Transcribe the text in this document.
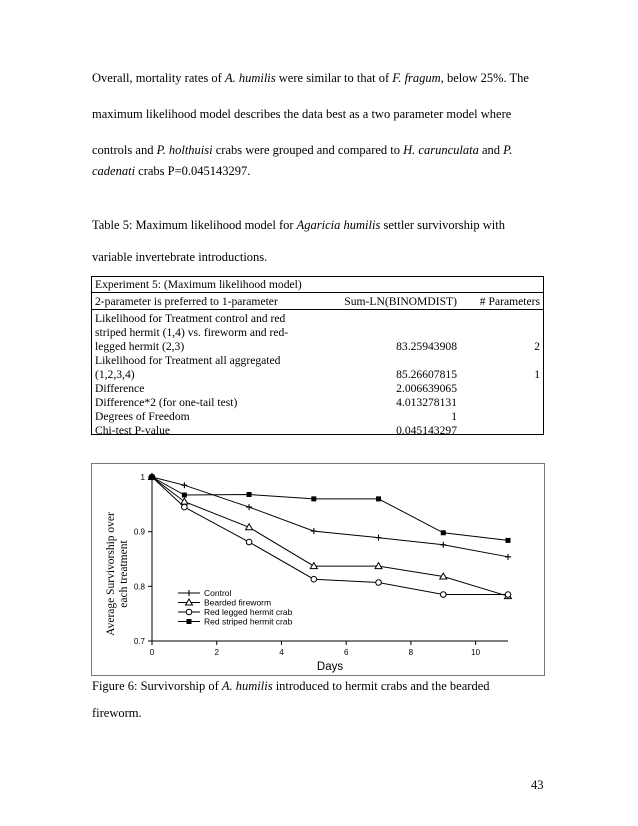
Overall, mortality rates of A. humilis were similar to that of F. fragum, below 25%. The
maximum likelihood model describes the data best as a two parameter model where
controls and P. holthuisi crabs were grouped and compared to H. carunculata and P.
cadenati crabs P=0.045143297.
Table 5: Maximum likelihood model for Agaricia humilis settler survivorship with
variable invertebrate introductions.
Experiment 5: (Maximum likelihood model)		
2-parameter is preferred to 1-parameter	Sum-LN(BINOMDIST)	# Parameters

Likelihood for Treatment control and red
striped hermit (1,4) vs. fireworm and red-
legged hermit (2,3)	83.25943908	2

Likelihood for Treatment all aggregated
(1,2,3,4)	85.26607815	1
Difference	2.006639065	
Difference*2 (for one-tail test)	4.013278131	
Degrees of Freedom	1	
Chi-test P-value	0.045143297	
0.7
0.8
0.9
1
0	2	4	6	8	10
Control
Bearded fireworm
Red legged hermit crab
Red striped hermit crab
Days
Average Survivorship over each treatment
Figure 6: Survivorship of A. humilis introduced to hermit crabs and the bearded
fireworm.
43
